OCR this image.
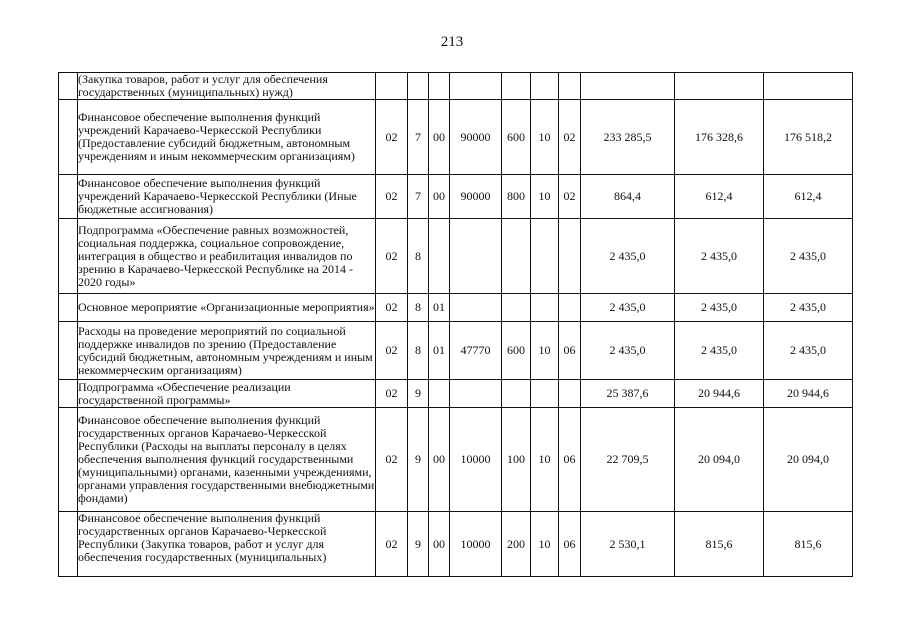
213
	(Закупка товаров, работ и услуг для обеспечения государственных (муниципальных) нужд)										
	Финансовое обеспечение выполнения функций учреждений Карачаево-Черкесской Республики (Предоставление субсидий бюджетным, автономным учреждениям и иным некоммерческим организациям)	02	7	00	90000	600	10	02	233 285,5	176 328,6	176 518,2
	Финансовое обеспечение выполнения функций учреждений Карачаево-Черкесской Республики (Иные бюджетные ассигнования)	02	7	00	90000	800	10	02	864,4	612,4	612,4
	Подпрограмма «Обеспечение равных возможностей, социальная поддержка, социальное сопровождение, интеграция в общество и реабилитация инвалидов по зрению в Карачаево-Черкесской Республике на 2014 - 2020 годы»	02	8						2 435,0	2 435,0	2 435,0
	Основное мероприятие «Организационные мероприятия»	02	8	01					2 435,0	2 435,0	2 435,0
	Расходы на проведение мероприятий по социальной поддержке инвалидов по зрению (Предоставление субсидий бюджетным, автономным учреждениям и иным некоммерческим организациям)	02	8	01	47770	600	10	06	2 435,0	2 435,0	2 435,0
	Подпрограмма «Обеспечение реализации государственной программы»	02	9						25 387,6	20 944,6	20 944,6
	Финансовое обеспечение выполнения функций государственных органов Карачаево-Черкесской Республики (Расходы на выплаты персоналу в целях обеспечения выполнения функций государственными (муниципальными) органами, казенными учреждениями, органами управления государственными внебюджетными фондами)	02	9	00	10000	100	10	06	22 709,5	20 094,0	20 094,0

	Финансовое обеспечение выполнения функций государственных органов Карачаево-Черкесской Республики (Закупка товаров, работ и услуг для обеспечения государственных (муниципальных)	02	9	00	10000	200	10	06	2 530,1	815,6	815,6
